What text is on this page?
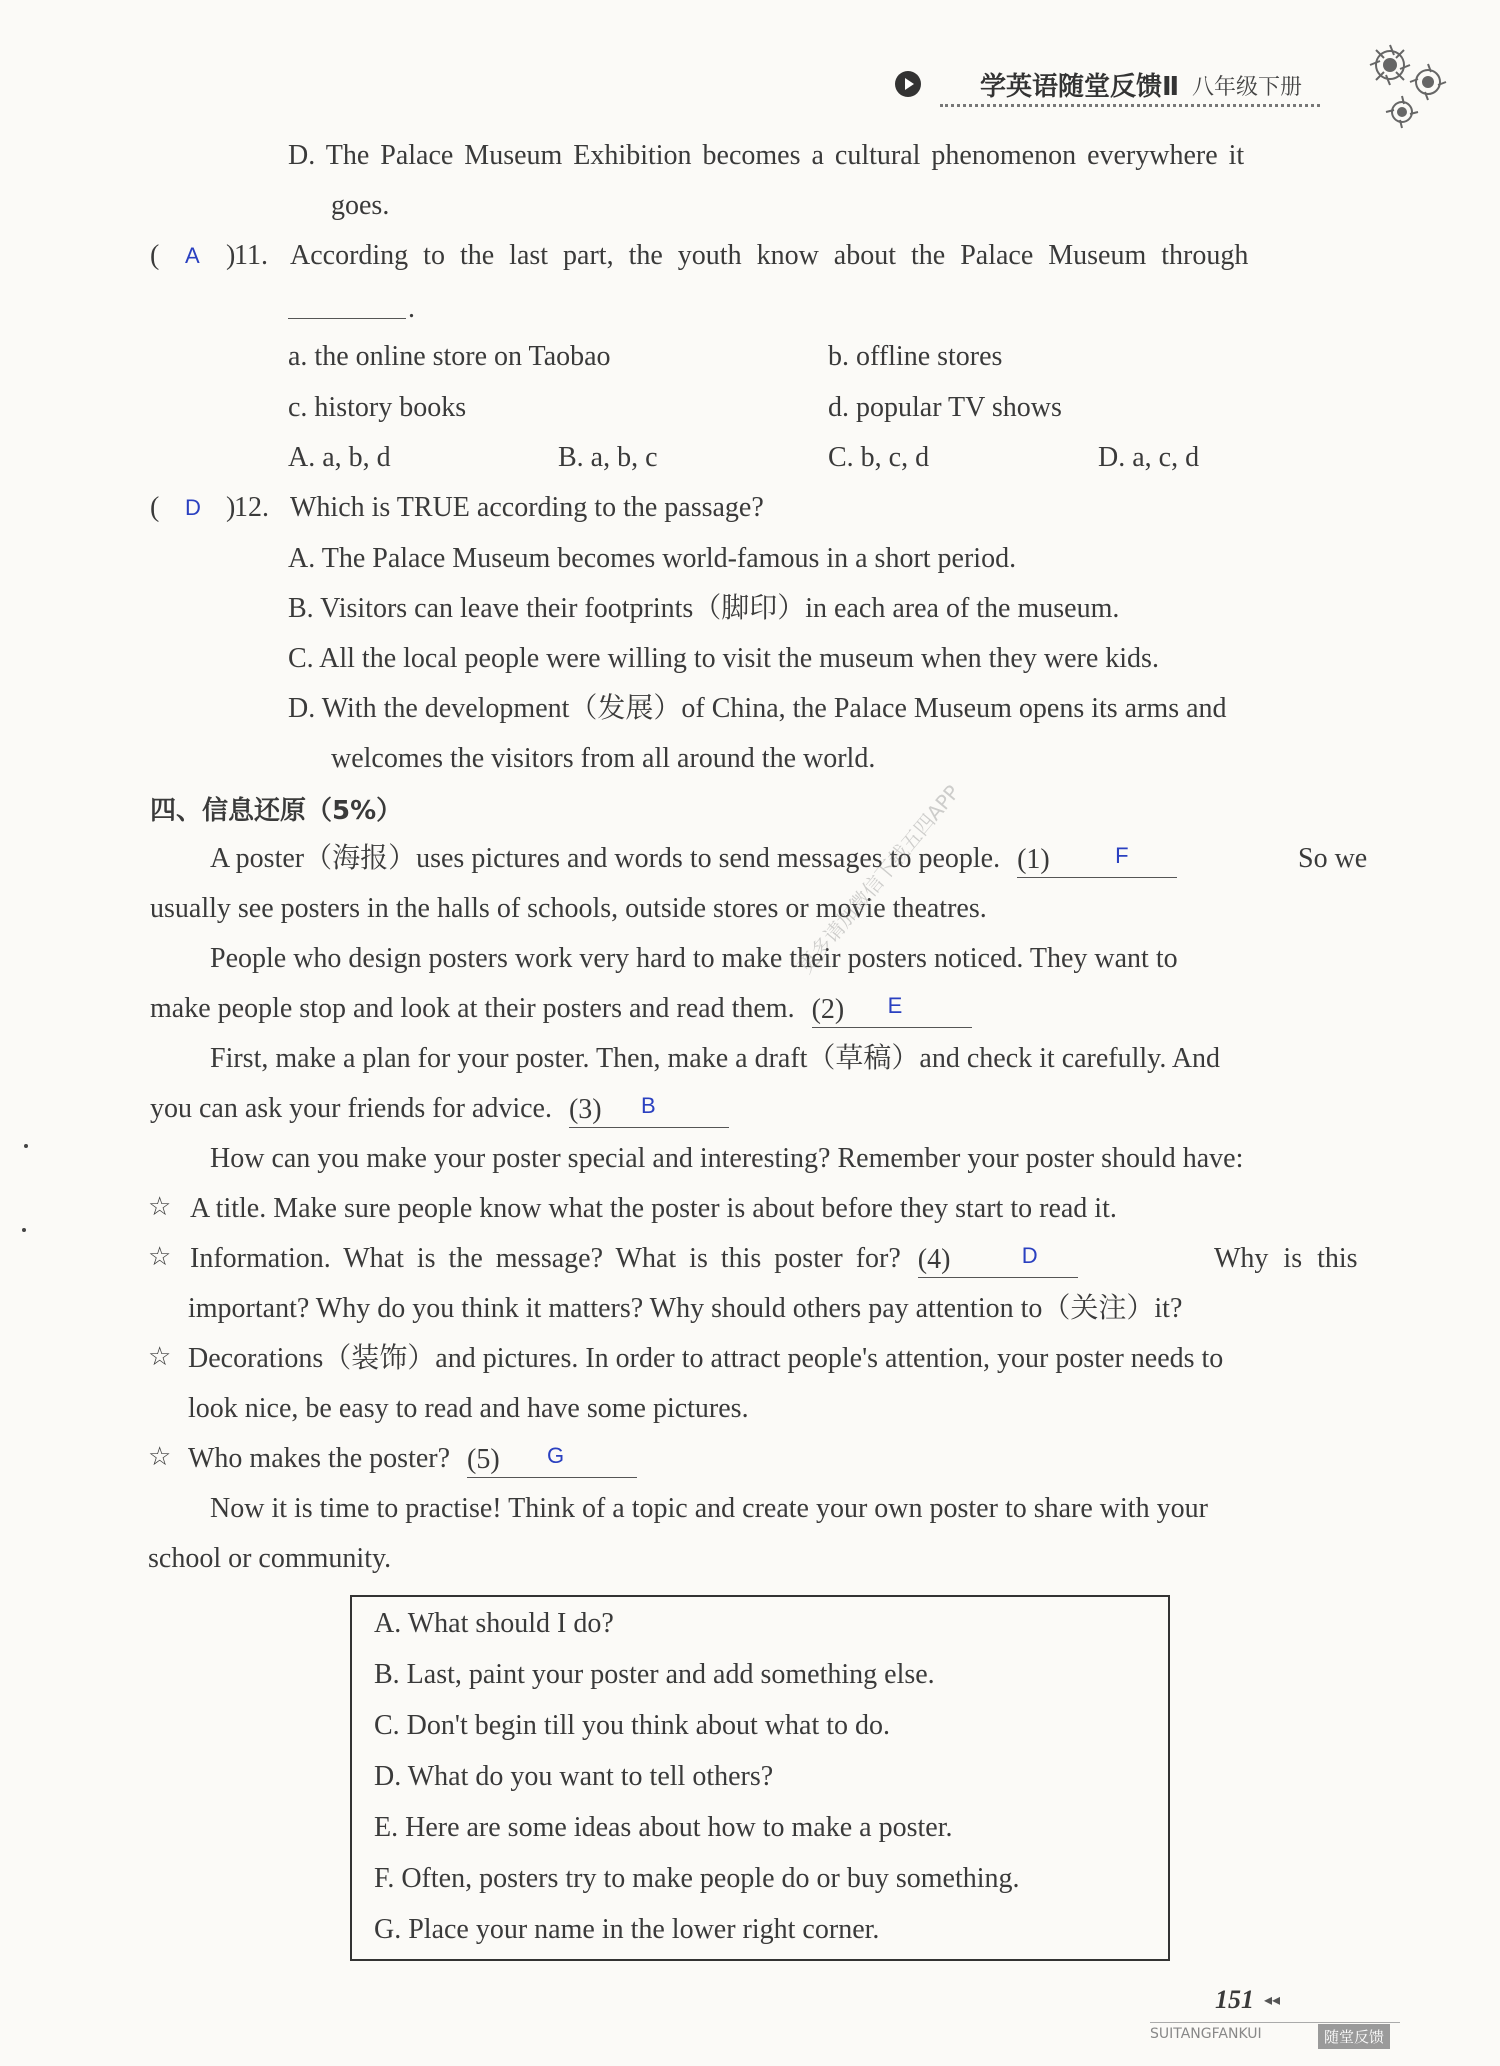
学英语随堂反馈Ⅱ 八年级下册
D. The Palace Museum Exhibition becomes a cultural phenomenon everywhere it
goes.
( A )
11. According to the last part, the youth know about the Palace Museum through
.
a. the online store on Taobao	b. offline stores
c. history books	d. popular TV shows
A. a, b, d	B. a, b, c	C. b, c, d	D. a, c, d
( D )
12. Which is TRUE according to the passage?
A. The Palace Museum becomes world-famous in a short period.
B. Visitors can leave their footprints（脚印）in each area of the museum.
C. All the local people were willing to visit the museum when they were kids.
D. With the development（发展）of China, the Palace Museum opens its arms and
welcomes the visitors from all around the world.
四、信息还原（5%）
A poster（海报）uses pictures and words to send messages to people. (1)	F	So we
usually see posters in the halls of schools, outside stores or movie theatres.
People who design posters work very hard to make their posters noticed. They want to
make people stop and look at their posters and read them. (2) E
First, make a plan for your poster. Then, make a draft（草稿）and check it carefully. And
you can ask your friends for advice. (3) B
How can you make your poster special and interesting? Remember your poster should have:
☆ A title. Make sure people know what the poster is about before they start to read it.
☆ Information. What is the message? What is this poster for? (4)	D	Why is this
important? Why do you think it matters? Why should others pay attention to（关注）it?
☆ Decorations（装饰）and pictures. In order to attract people's attention, your poster needs to
look nice, be easy to read and have some pictures.
☆ Who makes the poster? (5) G
Now it is time to practise! Think of a topic and create your own poster to share with your
school or community.
A. What should I do?
B. Last, paint your poster and add something else.
C. Don't begin till you think about what to do.
D. What do you want to tell others?
E. Here are some ideas about how to make a poster.
F. Often, posters try to make people do or buy something.
G. Place your name in the lower right corner.
更多请加微信下载五四APP
151 ◂◂
SUITANGFANKUI	随堂反馈
